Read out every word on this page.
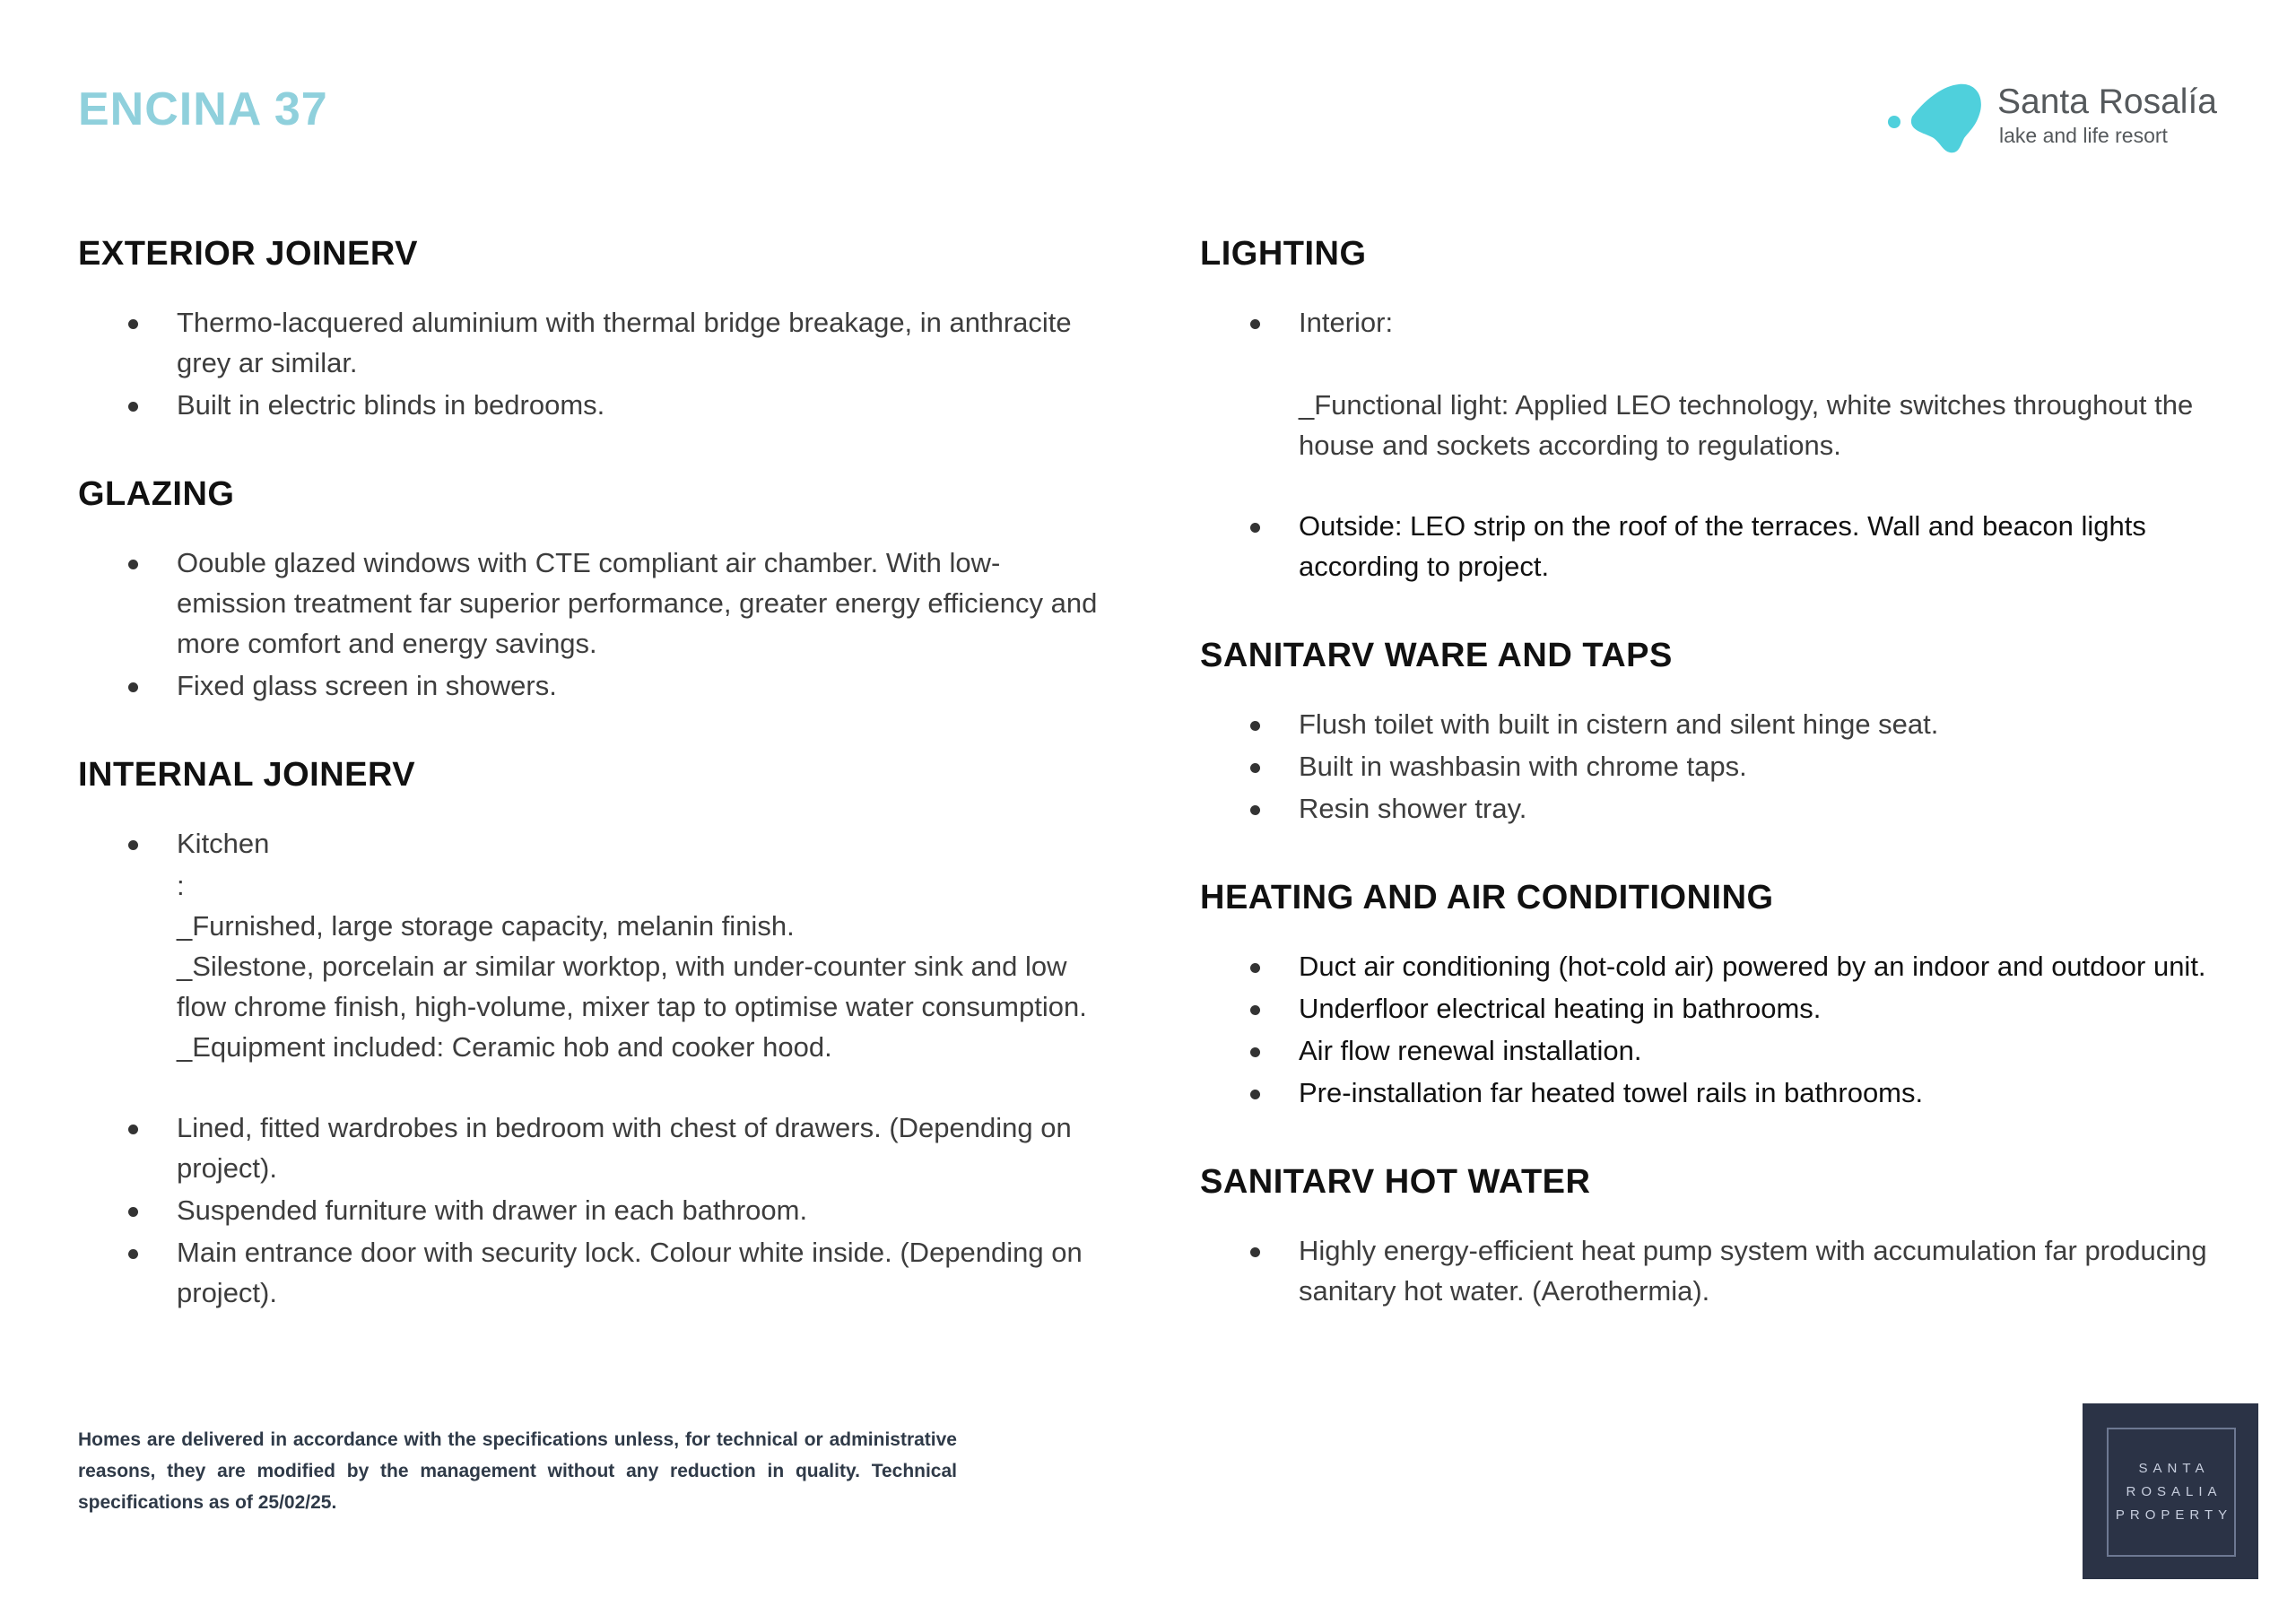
ENCINA 37	Santa Rosalía
lake and life resort
EXTERIOR JOINERV
Thermo-lacquered aluminium with thermal bridge breakage, in anthracite grey ar similar.
Built in electric blinds in bedrooms.
GLAZING
Oouble glazed windows with CTE compliant air chamber. With low-emission treatment far superior performance, greater energy efficiency and more comfort and energy savings.
Fixed glass screen in showers.
INTERNAL JOINERV
Kitchen
:
_Furnished, large storage capacity, melanin finish.
_Silestone, porcelain ar similar worktop, with under-counter sink and low flow chrome finish, high-volume, mixer tap to optimise water consumption.
_Equipment included: Ceramic hob and cooker hood.
Lined, fitted wardrobes in bedroom with chest of drawers. (Depending on project).
Suspended furniture with drawer in each bathroom.
Main entrance door with security lock. Colour white inside. (Depending on project).
LIGHTING
Interior:
_Functional light: Applied LEO technology, white switches throughout the house and sockets according to regulations.
Outside: LEO strip on the roof of the terraces. Wall and beacon lights according to project.
SANITARV WARE AND TAPS
Flush toilet with built in cistern and silent hinge seat.
Built in washbasin with chrome taps.
Resin shower tray.
HEATING AND AIR CONDITIONING
Duct air conditioning (hot-cold air) powered by an indoor and outdoor unit.
Underfloor electrical heating in bathrooms.
Air flow renewal installation.
Pre-installation far heated towel rails in bathrooms.
SANITARV HOT WATER
Highly energy-efficient heat pump system with accumulation far producing sanitary hot water. (Aerothermia).
Homes are delivered in accordance with the specifications unless, for technical or administrative reasons, they are modified by the management without any reduction in quality. Technical specifications as of 25/02/25.
SANTA
ROSALIA
PROPERTY
